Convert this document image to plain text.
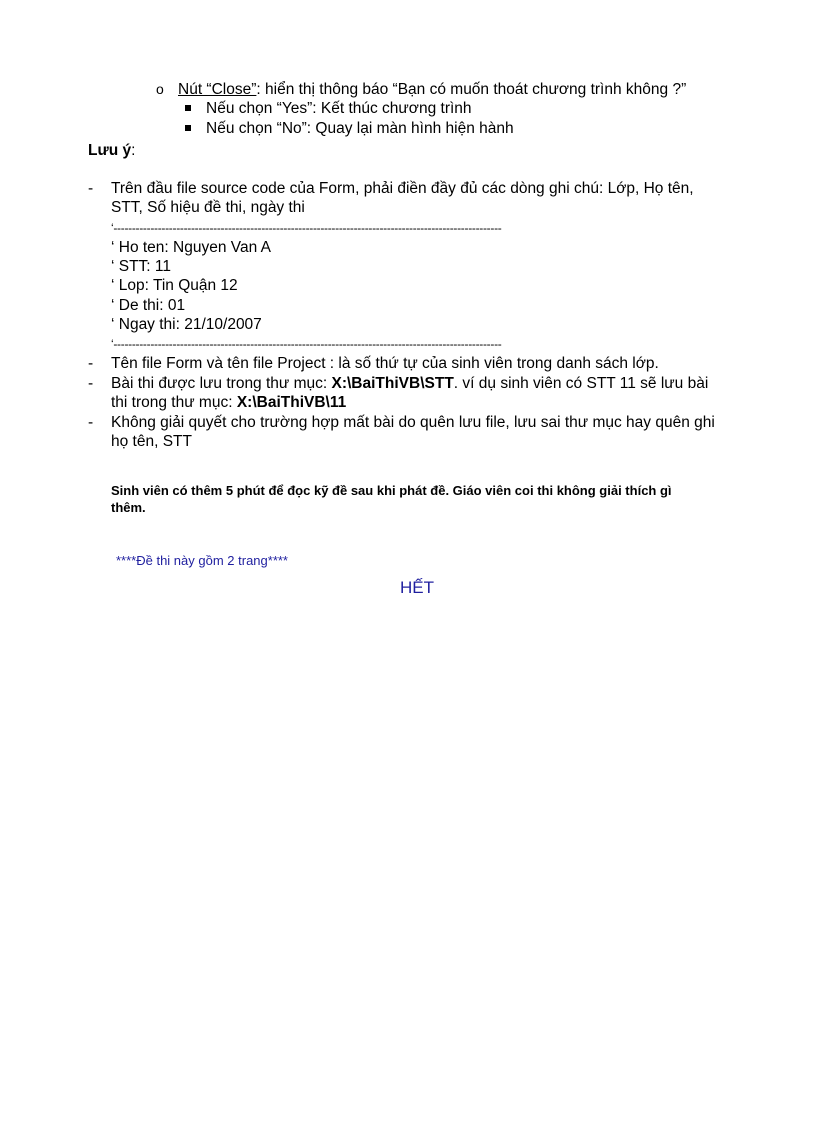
o Nút “Close”: hiển thị thông báo “Bạn có muốn thoát chương trình không ?”
Nếu chọn “Yes”: Kết thúc chương trình
Nếu chọn “No”: Quay lại màn hình hiện hành
Lưu ý:
- Trên đầu file source code của Form, phải điền đầy đủ các dòng ghi chú: Lớp, Họ tên,
STT, Số hiệu đề thi, ngày thi
‘---------------------------------------------------------------------------------------------------------
‘ Ho ten: Nguyen Van A
‘ STT: 11
‘ Lop: Tin Quận 12
‘ De thi: 01
‘ Ngay thi: 21/10/2007
‘---------------------------------------------------------------------------------------------------------
- Tên file Form và tên file Project : là số thứ tự của sinh viên trong danh sách lớp.
- Bài thi được lưu trong thư mục: X:\BaiThiVB\STT. ví dụ sinh viên có STT 11 sẽ lưu bài
thi trong thư mục: X:\BaiThiVB\11
- Không giải quyết cho trường hợp mất bài do quên lưu file, lưu sai thư mục hay quên ghi
họ tên, STT
Sinh viên có thêm 5 phút để đọc kỹ đề sau khi phát đề. Giáo viên coi thi không giải thích gì
thêm.
****Đề thi này gồm 2 trang****
HẾT
